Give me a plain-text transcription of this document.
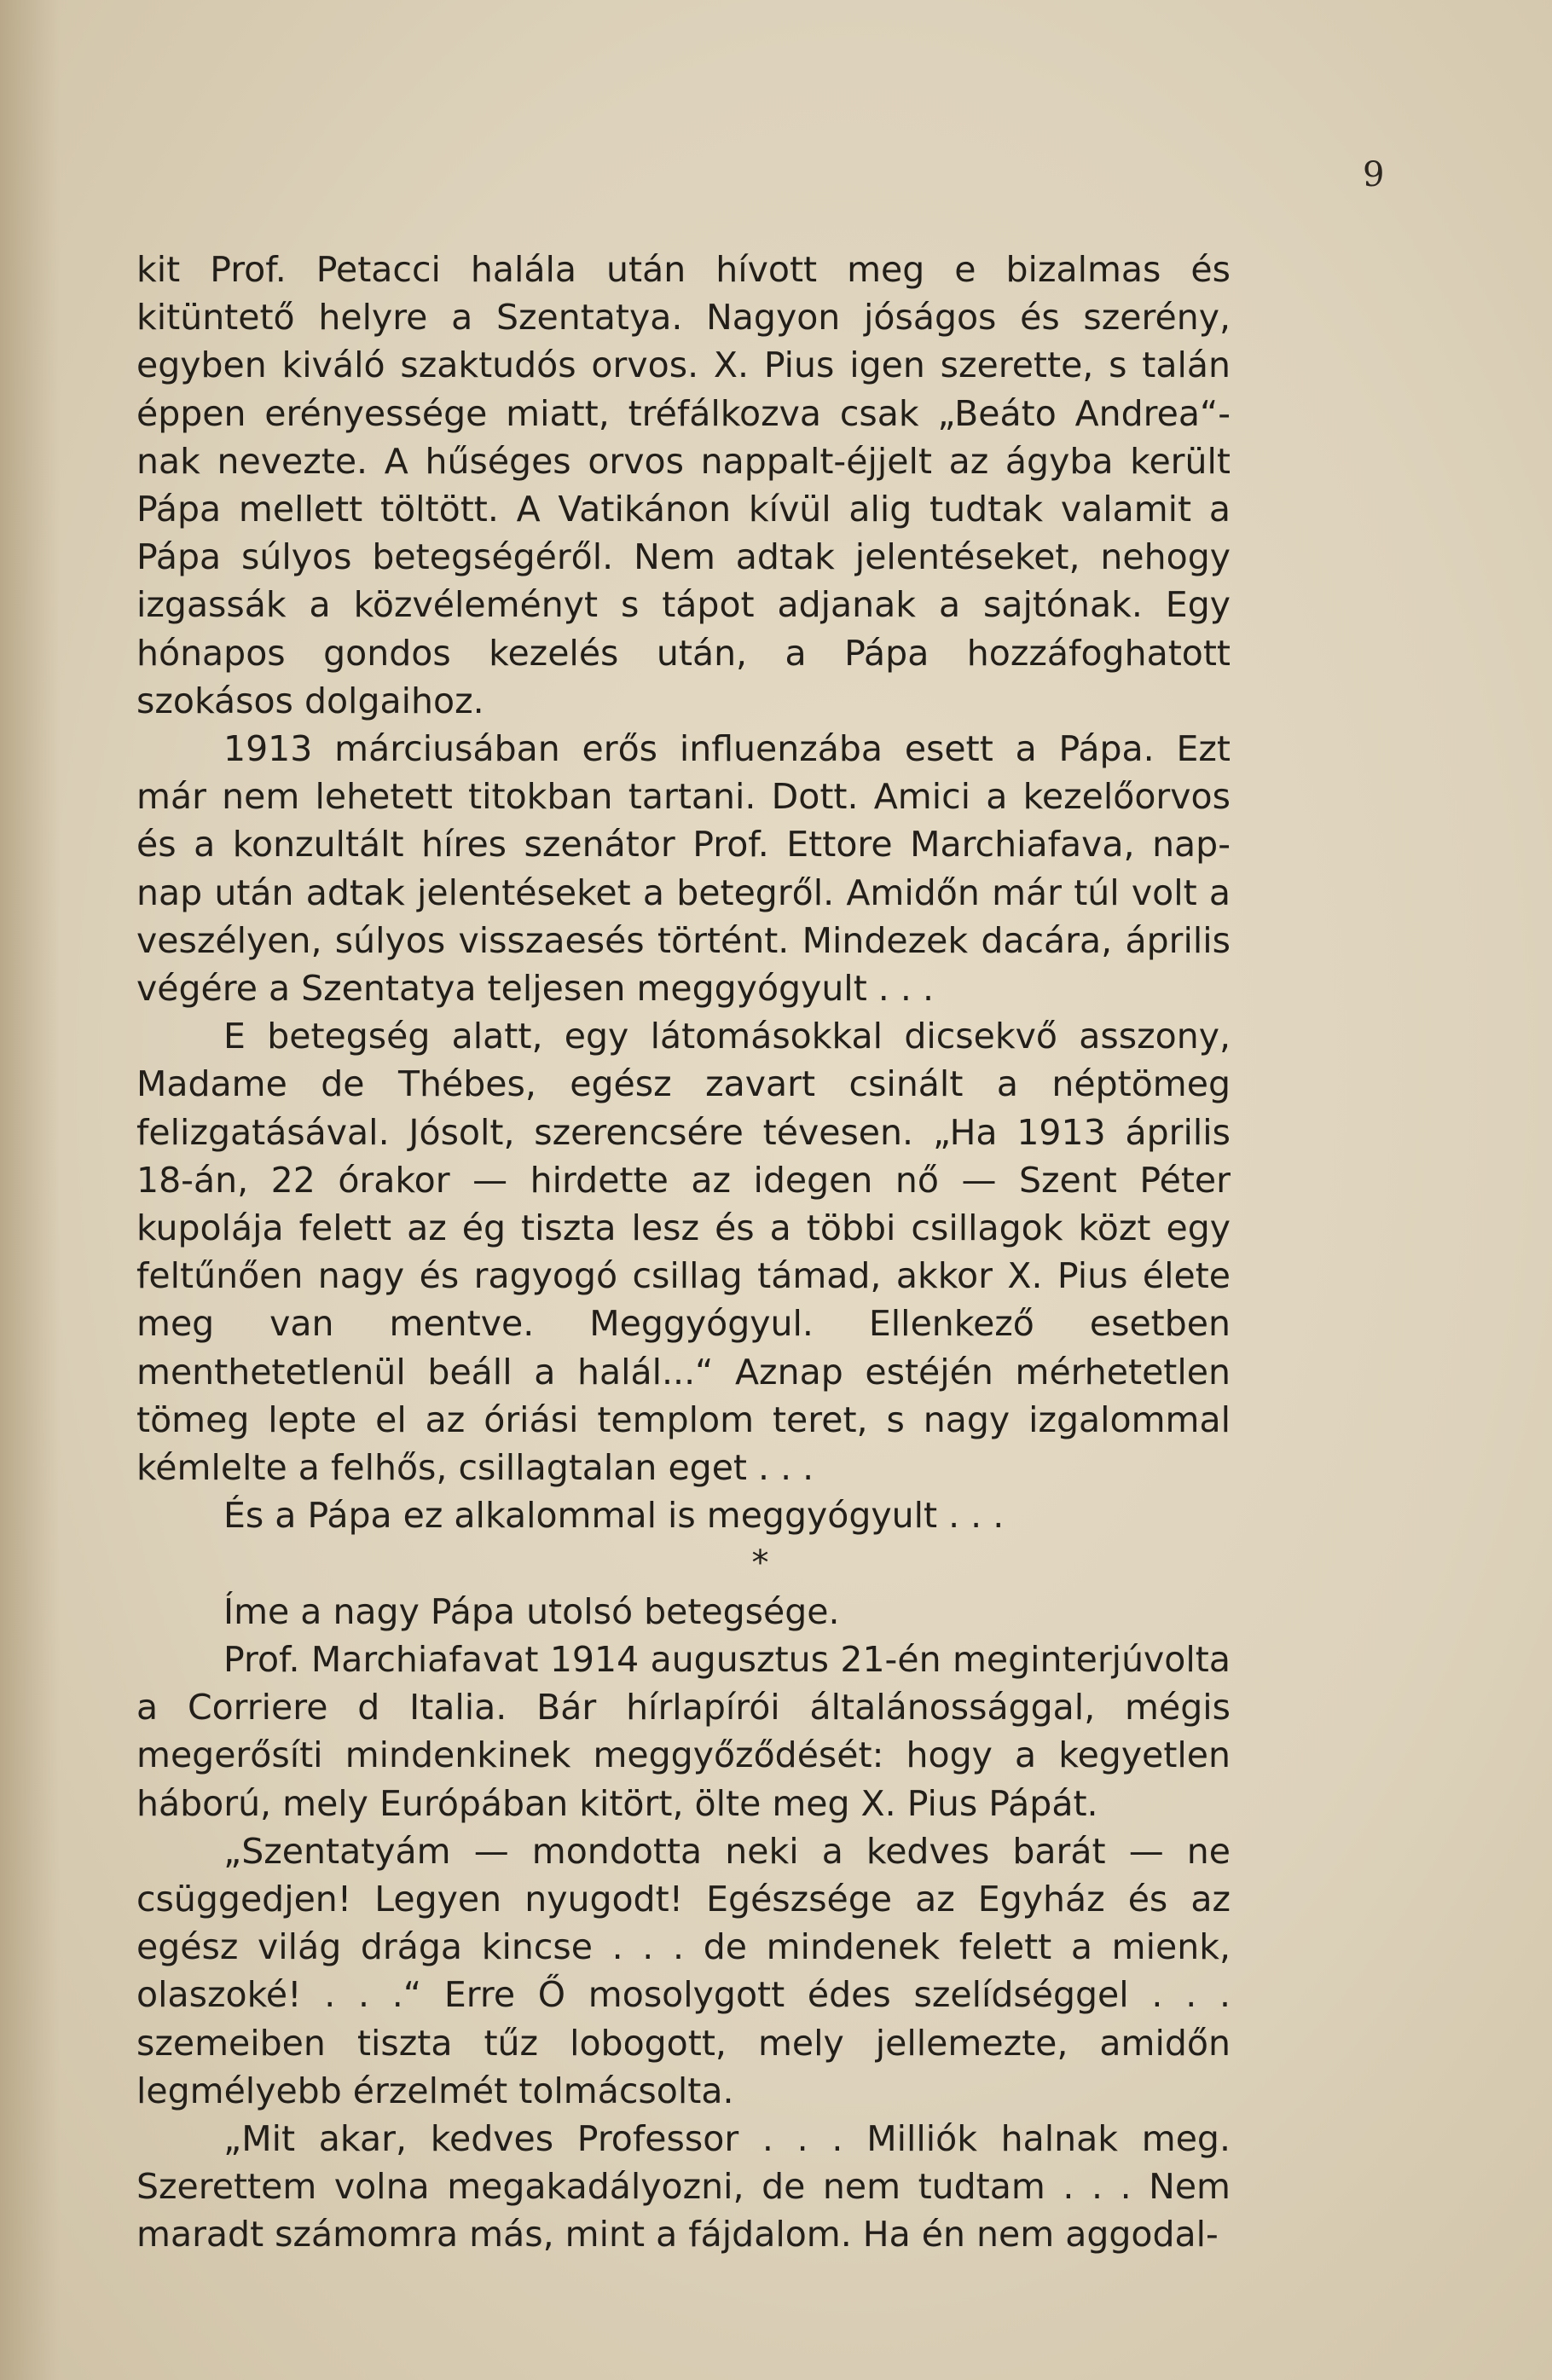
9

kit Prof. Petacci halála után hívott meg e bizalmas és kitüntető helyre a Szentatya. Nagyon jóságos és szerény, egyben kiváló szaktudós orvos. X. Pius igen szerette, s talán éppen erényessége miatt, tréfálkozva csak „Beáto Andrea“-nak nevezte. A hűséges orvos nappalt-éjjelt az ágyba került Pápa mellett töltött. A Vatikánon kívül alig tudtak valamit a Pápa súlyos betegségéről. Nem adtak jelentéseket, nehogy izgassák a közvéleményt s tápot adjanak a sajtónak. Egy hónapos gondos kezelés után, a Pápa hozzáfoghatott szokásos dolgaihoz.

1913 márciusában erős influenzába esett a Pápa. Ezt már nem lehetett titokban tartani. Dott. Amici a kezelőorvos és a konzultált híres szenátor Prof. Ettore Marchiafava, nap-nap után adtak jelentéseket a betegről. Amidőn már túl volt a veszélyen, súlyos visszaesés történt. Mindezek dacára, április végére a Szentatya teljesen meggyógyult . . .

E betegség alatt, egy látomásokkal dicsekvő asszony, Madame de Thébes, egész zavart csinált a néptömeg felizgatásával. Jósolt, szerencsére tévesen. „Ha 1913 április 18-án, 22 órakor — hirdette az idegen nő — Szent Péter kupolája felett az ég tiszta lesz és a többi csillagok közt egy feltűnően nagy és ragyogó csillag támad, akkor X. Pius élete meg van mentve. Meggyógyul. Ellenkező esetben menthetetlenül beáll a halál...“ Aznap estéjén mérhetetlen tömeg lepte el az óriási templom teret, s nagy izgalommal kémlelte a felhős, csillagtalan eget . . .

És a Pápa ez alkalommal is meggyógyult . . .

*

Íme a nagy Pápa utolsó betegsége.

Prof. Marchiafavat 1914 augusztus 21-én meginterjúvolta a Corriere d Italia. Bár hírlapírói általánossággal, mégis megerősíti mindenkinek meggyőződését: hogy a kegyetlen háború, mely Európában kitört, ölte meg X. Pius Pápát.

„Szentatyám — mondotta neki a kedves barát — ne csüggedjen! Legyen nyugodt! Egészsége az Egyház és az egész világ drága kincse . . . de mindenek felett a mienk, olaszoké! . . .“ Erre Ő mosolygott édes szelídséggel . . . szemeiben tiszta tűz lobogott, mely jellemezte, amidőn legmélyebb érzelmét tolmácsolta.

„Mit akar, kedves Professor . . . Milliók halnak meg. Szerettem volna megakadályozni, de nem tudtam . . . Nem maradt számomra más, mint a fájdalom. Ha én nem aggodal-
